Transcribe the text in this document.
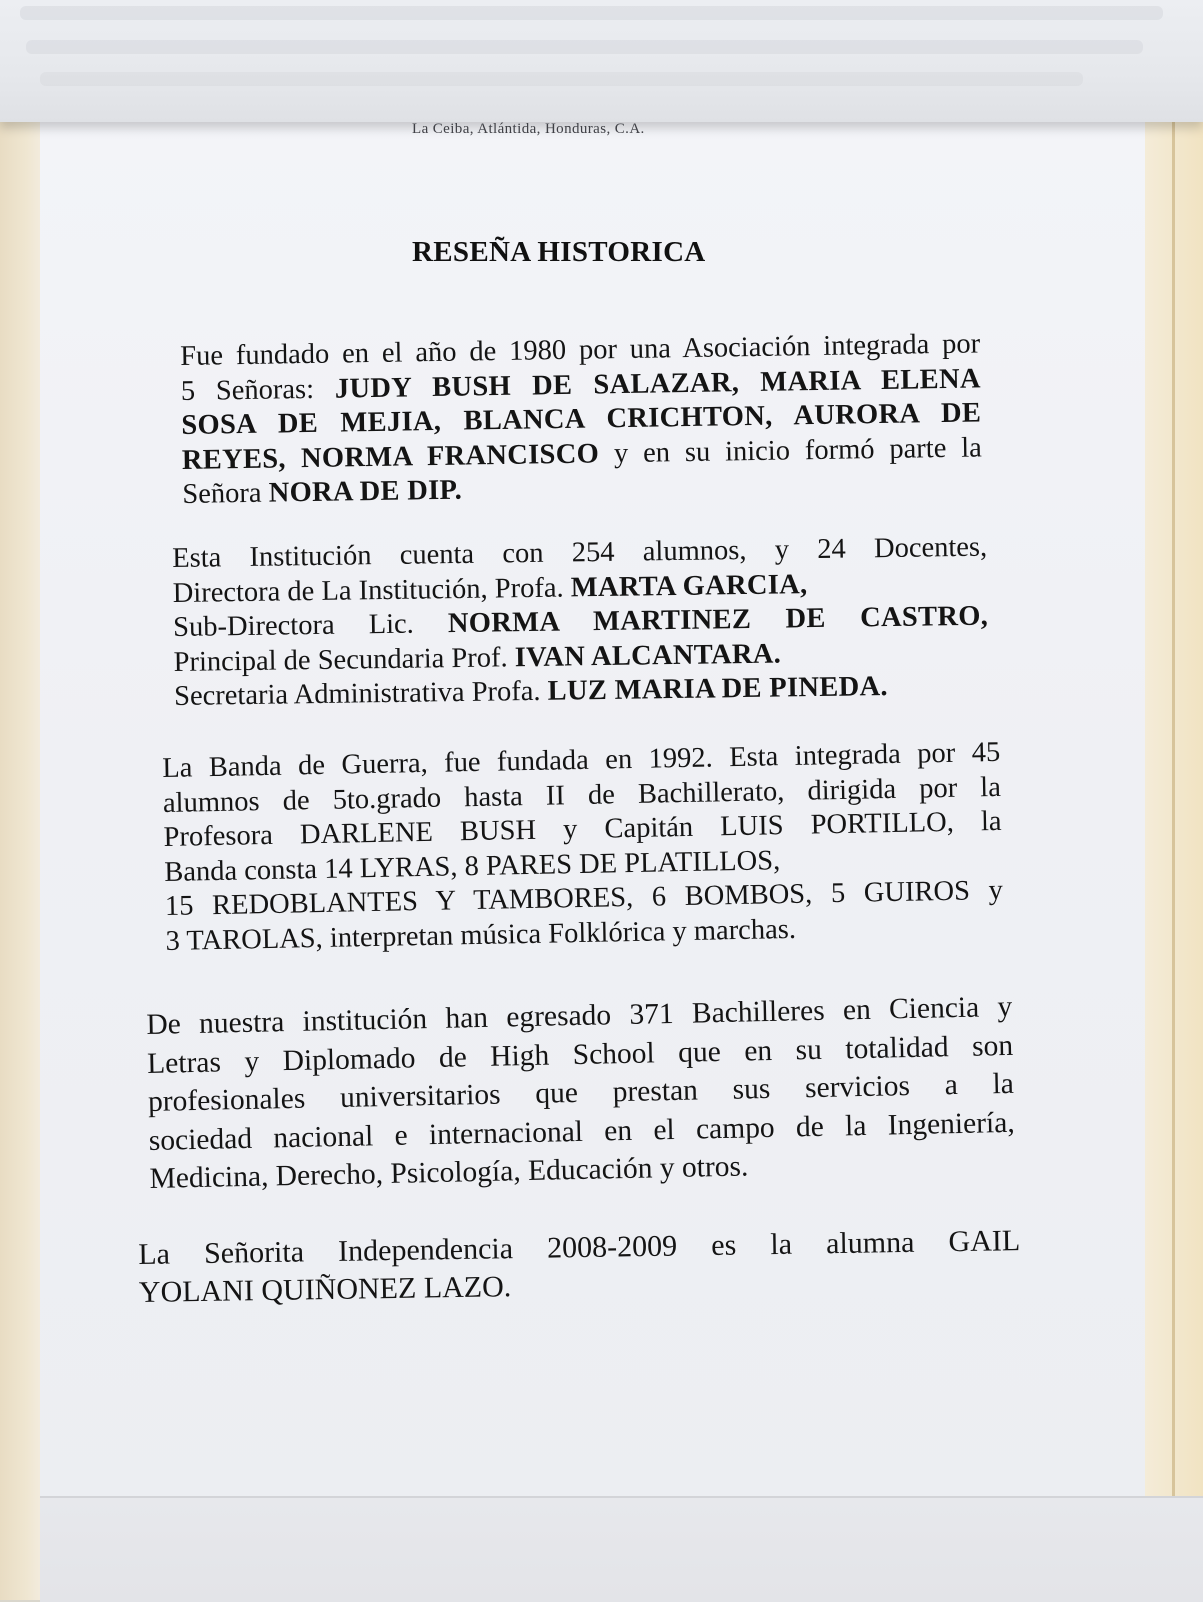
La Ceiba, Atlántida, Honduras, C.A.
RESEÑA HISTORICA
Fue fundado en el año de 1980 por una Asociación integrada por
5 Señoras: JUDY BUSH DE SALAZAR, MARIA ELENA
SOSA DE MEJIA, BLANCA CRICHTON, AURORA DE
REYES, NORMA FRANCISCO y en su inicio formó parte la
Señora NORA DE DIP.
Esta Institución cuenta con 254 alumnos, y 24 Docentes,
Directora de La Institución, Profa. MARTA GARCIA,
Sub-Directora Lic. NORMA MARTINEZ DE CASTRO,
Principal de Secundaria Prof. IVAN ALCANTARA.
Secretaria Administrativa Profa. LUZ MARIA DE PINEDA.
La Banda de Guerra, fue fundada en 1992. Esta integrada por 45
alumnos de 5to.grado hasta II de Bachillerato, dirigida por la
Profesora DARLENE BUSH y Capitán LUIS PORTILLO, la
Banda consta 14 LYRAS, 8 PARES DE PLATILLOS,
15 REDOBLANTES Y TAMBORES, 6 BOMBOS, 5 GUIROS y
3 TAROLAS, interpretan música Folklórica y marchas.
De nuestra institución han egresado 371 Bachilleres en Ciencia y
Letras y Diplomado de High School que en su totalidad son
profesionales universitarios que prestan sus servicios a la
sociedad nacional e internacional en el campo de la Ingeniería,
Medicina, Derecho, Psicología, Educación y otros.
La Señorita Independencia 2008-2009 es la alumna GAIL
YOLANI QUIÑONEZ LAZO.
